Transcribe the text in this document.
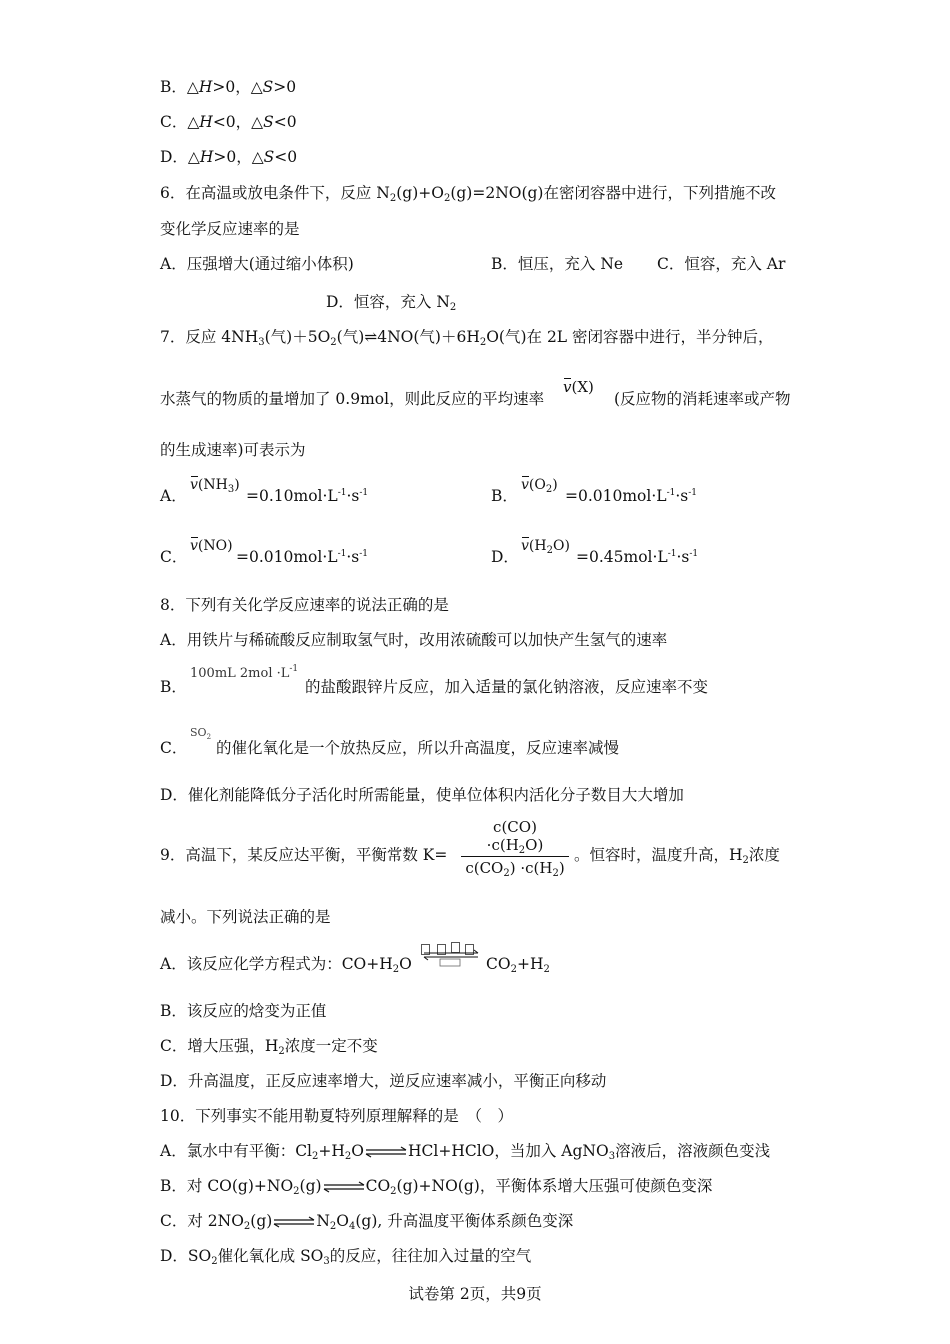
B．△H>0，△S>0
C．△H<0，△S<0
D．△H>0，△S<0
6．在高温或放电条件下，反应 $N_2(g)+O_2(g)=2NO(g)$在密闭容器中进行，下列措施不改
变化学反应速率的是
A．压强增大(通过缩小体积)	B．恒压，充入 Ne C．恒容，充入 Ar
D．恒容，充入 $N_2$
7．反应 $4NH_3$(气)$+5O_2$(气)⇌4NO(气)$+6H_2O$(气)在 2L 密闭容器中进行，半分钟后，
水蒸气的物质的量增加了 0.9mol，则此反应的平均速率
v(X)
(反应物的消耗速率或产物
的生成速率)可表示为
A．
$v(NH_3)$
$=0.10mol\cdot L^{-1}\cdot s^{-1}$	B．
$v(O_2)$
$=0.010mol\cdot L^{-1}\cdot s^{-1}$
C．
v(NO)
$=0.010mol\cdot L^{-1}\cdot s^{-1}$	D．
$v(H_2O)$
$=0.45mol\cdot L^{-1}\cdot s^{-1}$
8．下列有关化学反应速率的说法正确的是
A．用铁片与稀硫酸反应制取氢气时，改用浓硫酸可以加快产生氢气的速率
B．
100mL $2mol \cdot L^{-1}$
的盐酸跟锌片反应，加入适量的氯化钠溶液，反应速率不变
C．
$SO_2$
的催化氧化是一个放热反应，所以升高温度，反应速率减慢
D．催化剂能降低分子活化时所需能量，使单位体积内活化分子数目大大增加
9．高温下，某反应达平衡，平衡常数 $K= \frac{c(CO) \cdot c(H_2O)}{c(CO_2) \cdot c(H_2)}$ 。恒容时，温度升高，$H_2$浓度
减小。下列说法正确的是
A．该反应化学方程式为：$CO+H_2O$	$CO_2+H_2$
B．该反应的焓变为正值
C．增大压强，$H_2$浓度一定不变
D．升高温度，正反应速率增大，逆反应速率减小，平衡正向移动
10．下列事实不能用勒夏特列原理解释的是　（　）
A．氯水中有平衡：$Cl_2+H_2O\rightleftharpoons HCl+HClO$，当加入 AgNO$_3$溶液后，溶液颜色变浅
B．对 $CO(g)+NO_2(g)\rightleftharpoons CO_2(g)+NO(g)$，平衡体系增大压强可使颜色变深
C．对 $2NO_2(g)\rightleftharpoons N_2O_4(g)$, 升高温度平衡体系颜色变深
D．$SO_2$催化氧化成 $SO_3$的反应，往往加入过量的空气
试卷第 2页，共9页
